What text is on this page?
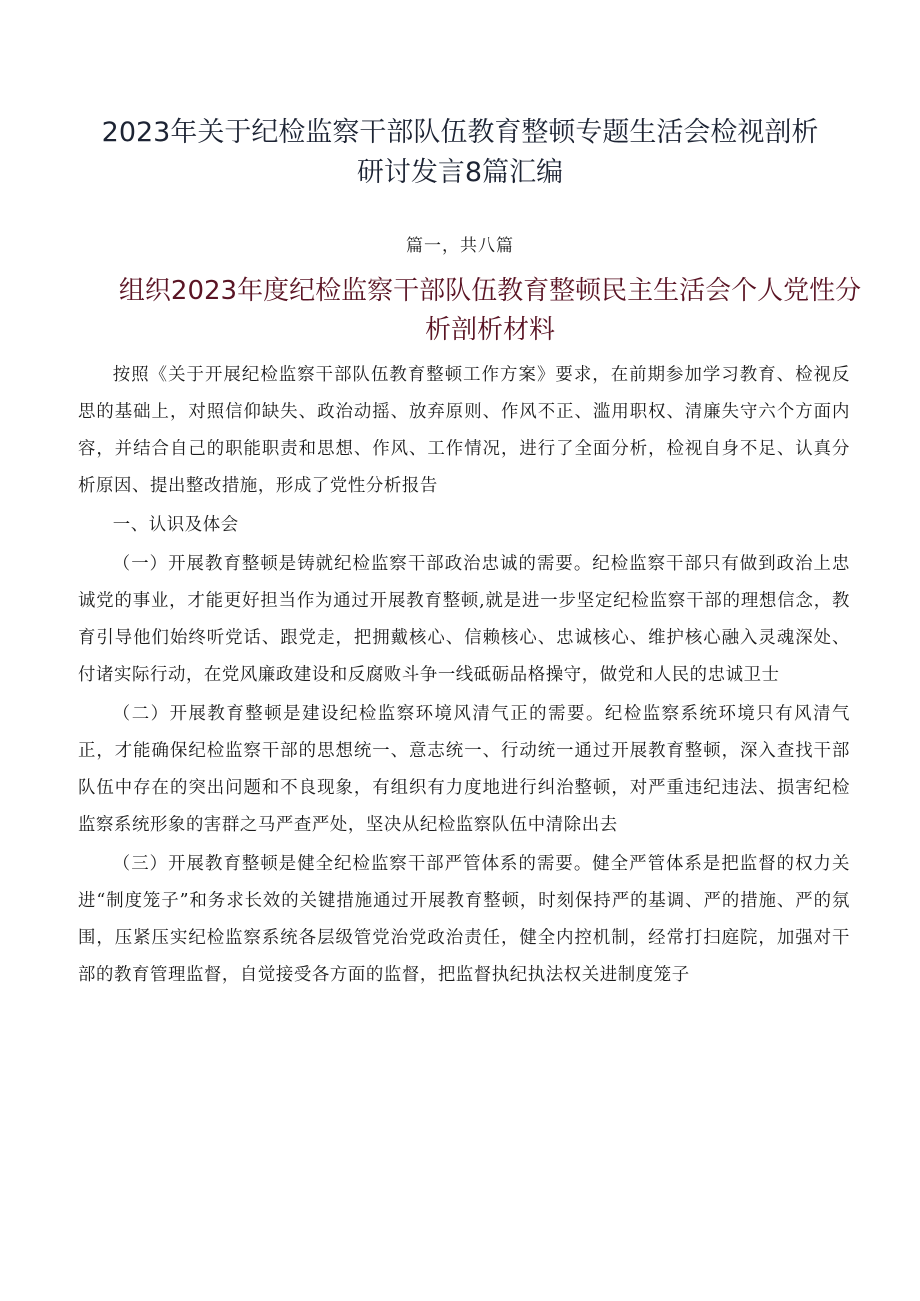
2023年关于纪检监察干部队伍教育整顿专题生活会检视剖析研讨发言8篇汇编
篇一，共八篇
组织2023年度纪检监察干部队伍教育整顿民主生活会个人党性分析剖析材料

按照《关于开展纪检监察干部队伍教育整顿工作方案》要求，在前期参加学习教育、检视反思的基础上，对照信仰缺失、政治动摇、放弃原则、作风不正、滥用职权、清廉失守六个方面内容，并结合自己的职能职责和思想、作风、工作情况，进行了全面分析，检视自身不足、认真分析原因、提出整改措施，形成了党性分析报告

一、认识及体会

（一）开展教育整顿是铸就纪检监察干部政治忠诚的需要。纪检监察干部只有做到政治上忠诚党的事业，才能更好担当作为通过开展教育整顿,就是进一步坚定纪检监察干部的理想信念，教育引导他们始终听党话、跟党走，把拥戴核心、信赖核心、忠诚核心、维护核心融入灵魂深处、付诸实际行动，在党风廉政建设和反腐败斗争一线砥砺品格操守，做党和人民的忠诚卫士

（二）开展教育整顿是建设纪检监察环境风清气正的需要。纪检监察系统环境只有风清气正，才能确保纪检监察干部的思想统一、意志统一、行动统一通过开展教育整顿，深入查找干部队伍中存在的突出问题和不良现象，有组织有力度地进行纠治整顿，对严重违纪违法、损害纪检监察系统形象的害群之马严查严处，坚决从纪检监察队伍中清除出去

（三）开展教育整顿是健全纪检监察干部严管体系的需要。健全严管体系是把监督的权力关进“制度笼子”和务求长效的关键措施通过开展教育整顿，时刻保持严的基调、严的措施、严的氛围，压紧压实纪检监察系统各层级管党治党政治责任，健全内控机制，经常打扫庭院，加强对干部的教育管理监督，自觉接受各方面的监督，把监督执纪执法权关进制度笼子
